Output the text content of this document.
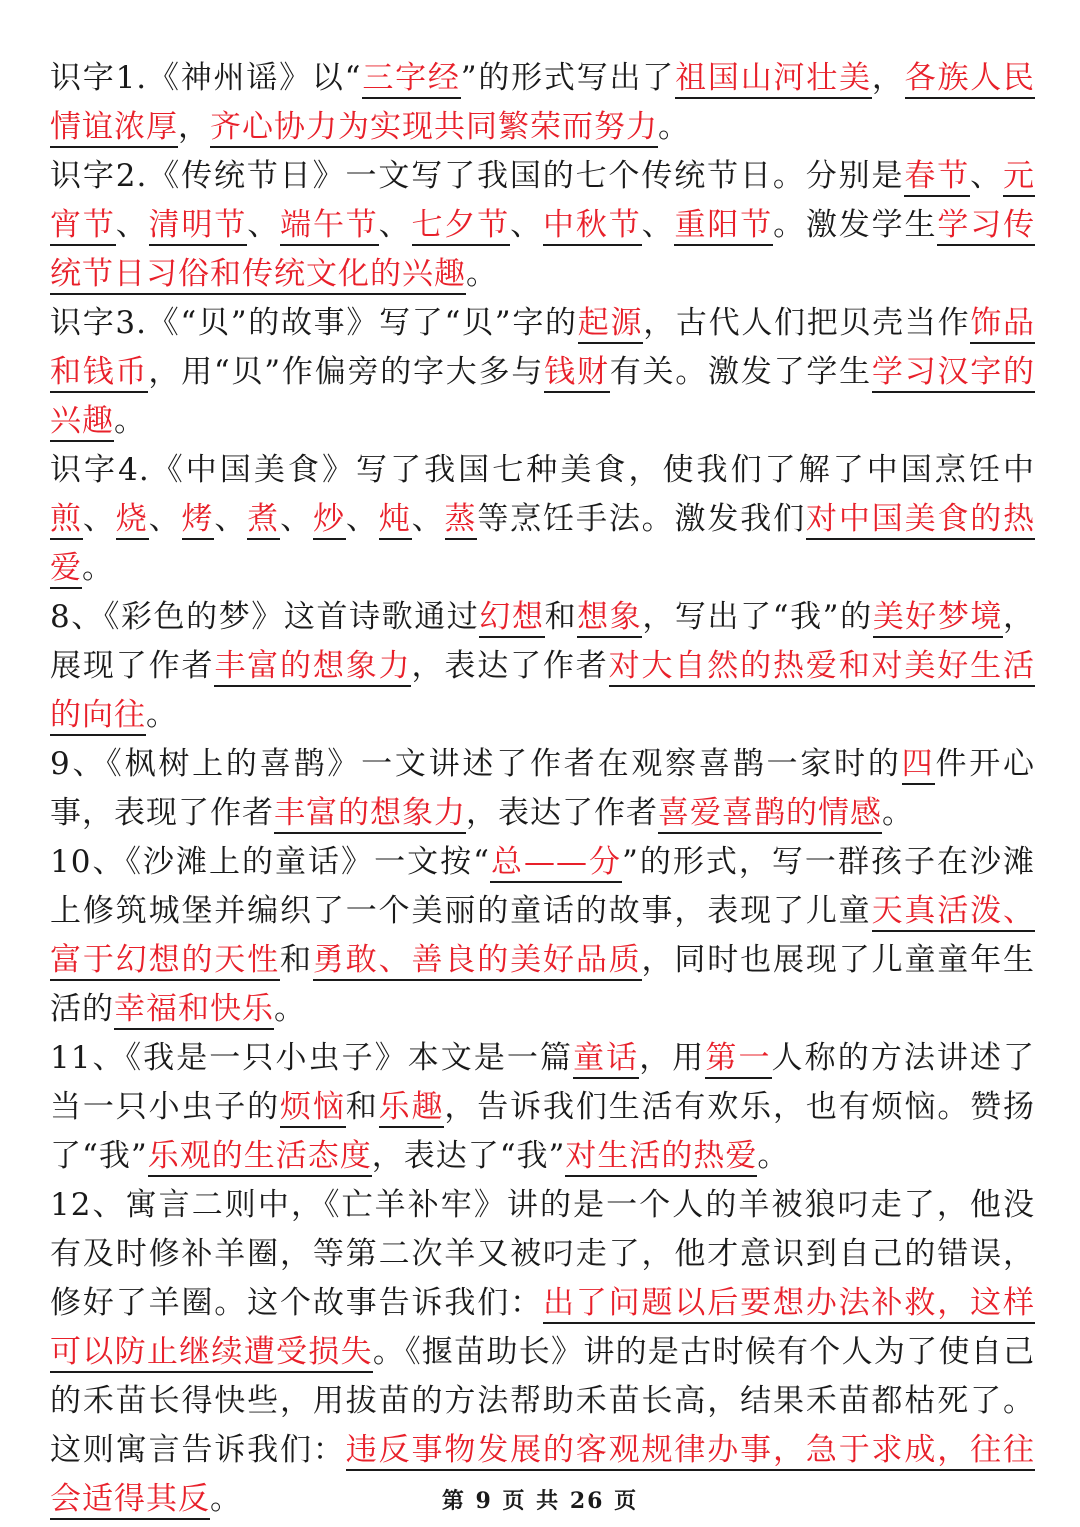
识字1.《神州谣》以“三字经”的形式写出了祖国山河壮美，各族人民情谊浓厚，齐心协力为实现共同繁荣而努力。

识字2.《传统节日》一文写了我国的七个传统节日。分别是春节、元宵节、清明节、端午节、七夕节、中秋节、重阳节。激发学生学习传统节日习俗和传统文化的兴趣。

识字3.《“贝”的故事》写了“贝”字的起源，古代人们把贝壳当作饰品和钱币，用“贝”作偏旁的字大多与钱财有关。激发了学生学习汉字的兴趣。

识字4.《中国美食》写了我国七种美食，使我们了解了中国烹饪中煎、烧、烤、煮、炒、炖、蒸等烹饪手法。激发我们对中国美食的热爱。

8、《彩色的梦》这首诗歌通过幻想和想象，写出了“我”的美好梦境，展现了作者丰富的想象力，表达了作者对大自然的热爱和对美好生活的向往。

9、《枫树上的喜鹊》一文讲述了作者在观察喜鹊一家时的四件开心事，表现了作者丰富的想象力，表达了作者喜爱喜鹊的情感。

10、《沙滩上的童话》一文按“总——分”的形式，写一群孩子在沙滩上修筑城堡并编织了一个美丽的童话的故事，表现了儿童天真活泼、富于幻想的天性和勇敢、善良的美好品质，同时也展现了儿童童年生活的幸福和快乐。

11、《我是一只小虫子》本文是一篇童话，用第一人称的方法讲述了当一只小虫子的烦恼和乐趣，告诉我们生活有欢乐，也有烦恼。赞扬了“我”乐观的生活态度，表达了“我”对生活的热爱。

12、寓言二则中，《亡羊补牢》讲的是一个人的羊被狼叼走了，他没有及时修补羊圈，等第二次羊又被叼走了，他才意识到自己的错误，修好了羊圈。这个故事告诉我们：出了问题以后要想办法补救，这样可以防止继续遭受损失。《揠苗助长》讲的是古时候有个人为了使自己的禾苗长得快些，用拔苗的方法帮助禾苗长高，结果禾苗都枯死了。这则寓言告诉我们：违反事物发展的客观规律办事，急于求成，往往会适得其反。	第 9 页 共 26 页
